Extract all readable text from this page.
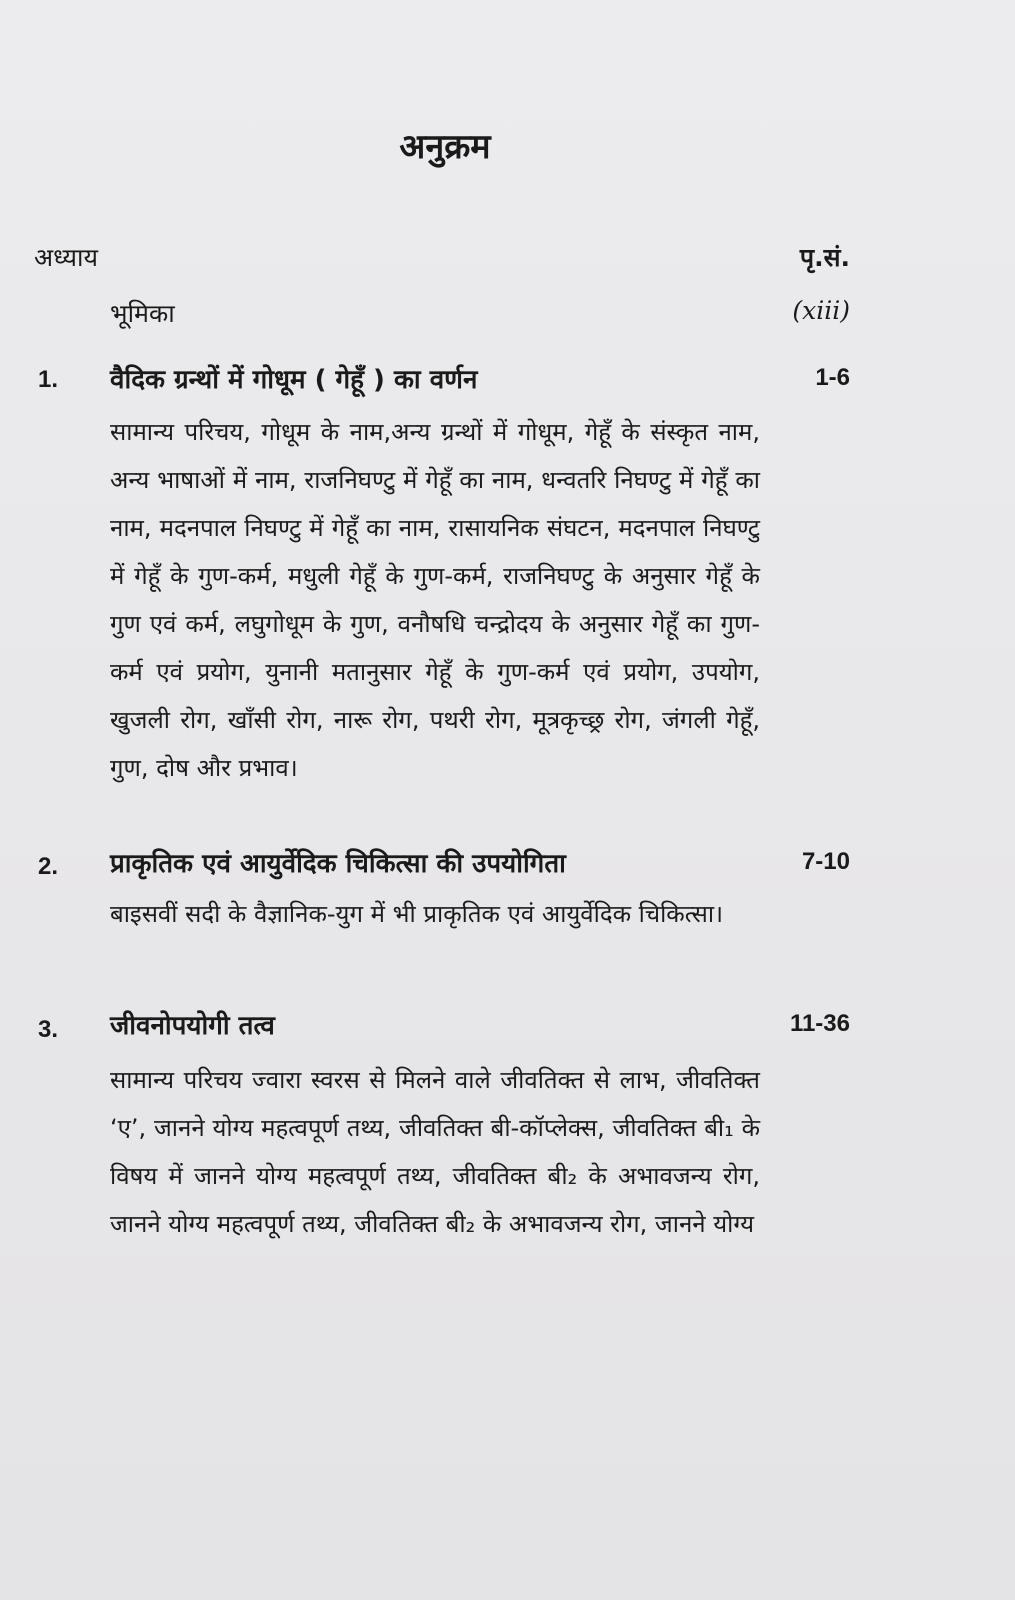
अनुक्रम
अध्याय	पृ.सं.
भूमिका	(xiii)
1. वैदिक ग्रन्थों में गोधूम ( गेहूँ ) का वर्णन	1-6
सामान्य परिचय, गोधूम के नाम,अन्य ग्रन्थों में गोधूम, गेहूँ के संस्कृत नाम, अन्य भाषाओं में नाम, राजनिघण्टु में गेहूँ का नाम, धन्वतरि निघण्टु में गेहूँ का नाम, मदनपाल निघण्टु में गेहूँ का नाम, रासायनिक संघटन, मदनपाल निघण्टु में गेहूँ के गुण-कर्म, मधुली गेहूँ के गुण-कर्म, राजनिघण्टु के अनुसार गेहूँ के गुण एवं कर्म, लघुगोधूम के गुण, वनौषधि चन्द्रोदय के अनुसार गेहूँ का गुण-कर्म एवं प्रयोग, युनानी मतानुसार गेहूँ के गुण-कर्म एवं प्रयोग, उपयोग, खुजली रोग, खाँसी रोग, नारू रोग, पथरी रोग, मूत्रकृच्छ्र रोग, जंगली गेहूँ, गुण, दोष और प्रभाव।
2. प्राकृतिक एवं आयुर्वेदिक चिकित्सा की उपयोगिता	7-10
बाइसवीं सदी के वैज्ञानिक-युग में भी प्राकृतिक एवं आयुर्वेदिक चिकित्सा।
3. जीवनोपयोगी तत्व	11-36
सामान्य परिचय ज्वारा स्वरस से मिलने वाले जीवतिक्त से लाभ, जीवतिक्त ‘ए’, जानने योग्य महत्वपूर्ण तथ्य, जीवतिक्त बी-कॉप्लेक्स, जीवतिक्त बी₁ के विषय में जानने योग्य महत्वपूर्ण तथ्य, जीवतिक्त बी₂ के अभावजन्य रोग, जानने योग्य महत्वपूर्ण तथ्य, जीवतिक्त बी₂ के अभावजन्य रोग, जानने योग्य
